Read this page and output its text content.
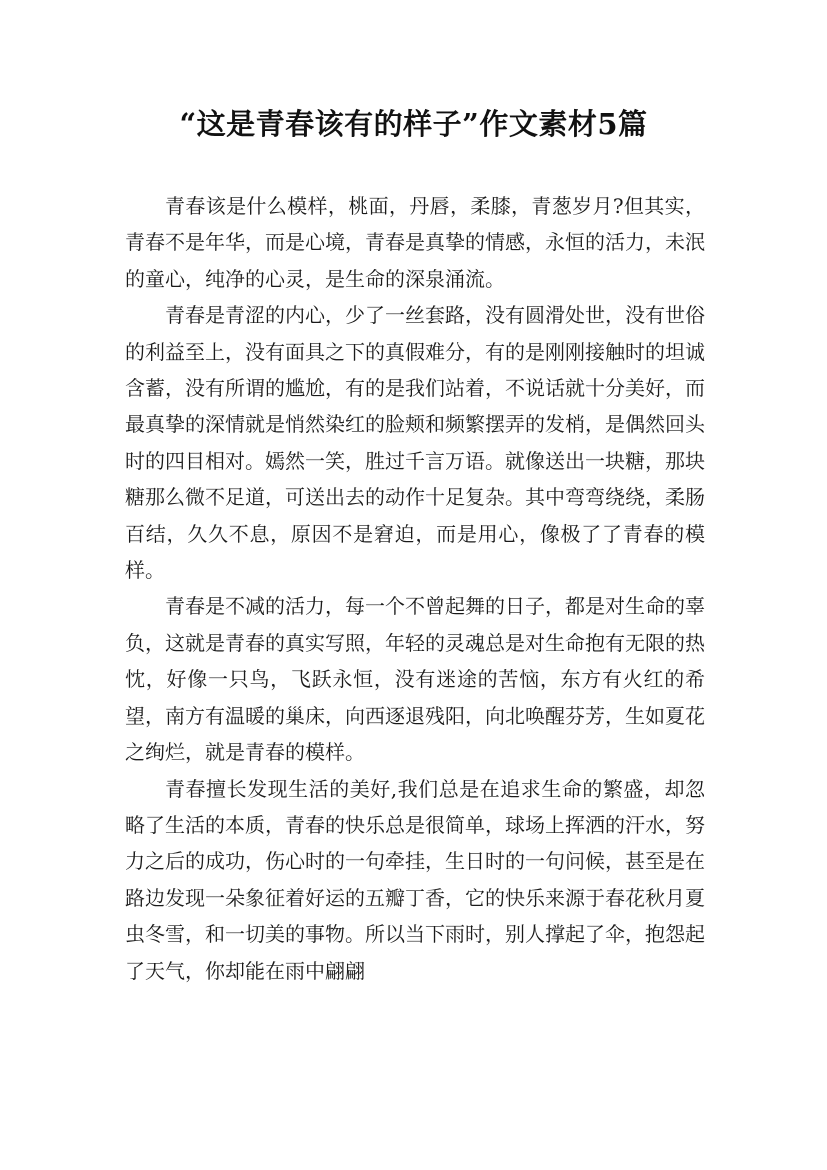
“这是青春该有的样子”作文素材5篇

青春该是什么模样，桃面，丹唇，柔膝，青葱岁月?但其实，青春不是年华，而是心境，青春是真挚的情感，永恒的活力，未泯的童心，纯净的心灵，是生命的深泉涌流。

青春是青涩的内心，少了一丝套路，没有圆滑处世，没有世俗的利益至上，没有面具之下的真假难分，有的是刚刚接触时的坦诚含蓄，没有所谓的尴尬，有的是我们站着，不说话就十分美好，而最真挚的深情就是悄然染红的脸颊和频繁摆弄的发梢，是偶然回头时的四目相对。嫣然一笑，胜过千言万语。就像送出一块糖，那块糖那么微不足道，可送出去的动作十足复杂。其中弯弯绕绕，柔肠百结，久久不息，原因不是窘迫，而是用心，像极了了青春的模样。

青春是不减的活力，每一个不曾起舞的日子，都是对生命的辜负，这就是青春的真实写照，年轻的灵魂总是对生命抱有无限的热忱，好像一只鸟，飞跃永恒，没有迷途的苦恼，东方有火红的希望，南方有温暖的巢床，向西逐退残阳，向北唤醒芬芳，生如夏花之绚烂，就是青春的模样。

青春擅长发现生活的美好,我们总是在追求生命的繁盛，却忽略了生活的本质，青春的快乐总是很简单，球场上挥洒的汗水，努力之后的成功，伤心时的一句牵挂，生日时的一句问候，甚至是在路边发现一朵象征着好运的五瓣丁香，它的快乐来源于春花秋月夏虫冬雪，和一切美的事物。所以当下雨时，别人撑起了伞，抱怨起了天气，你却能在雨中翩翩
